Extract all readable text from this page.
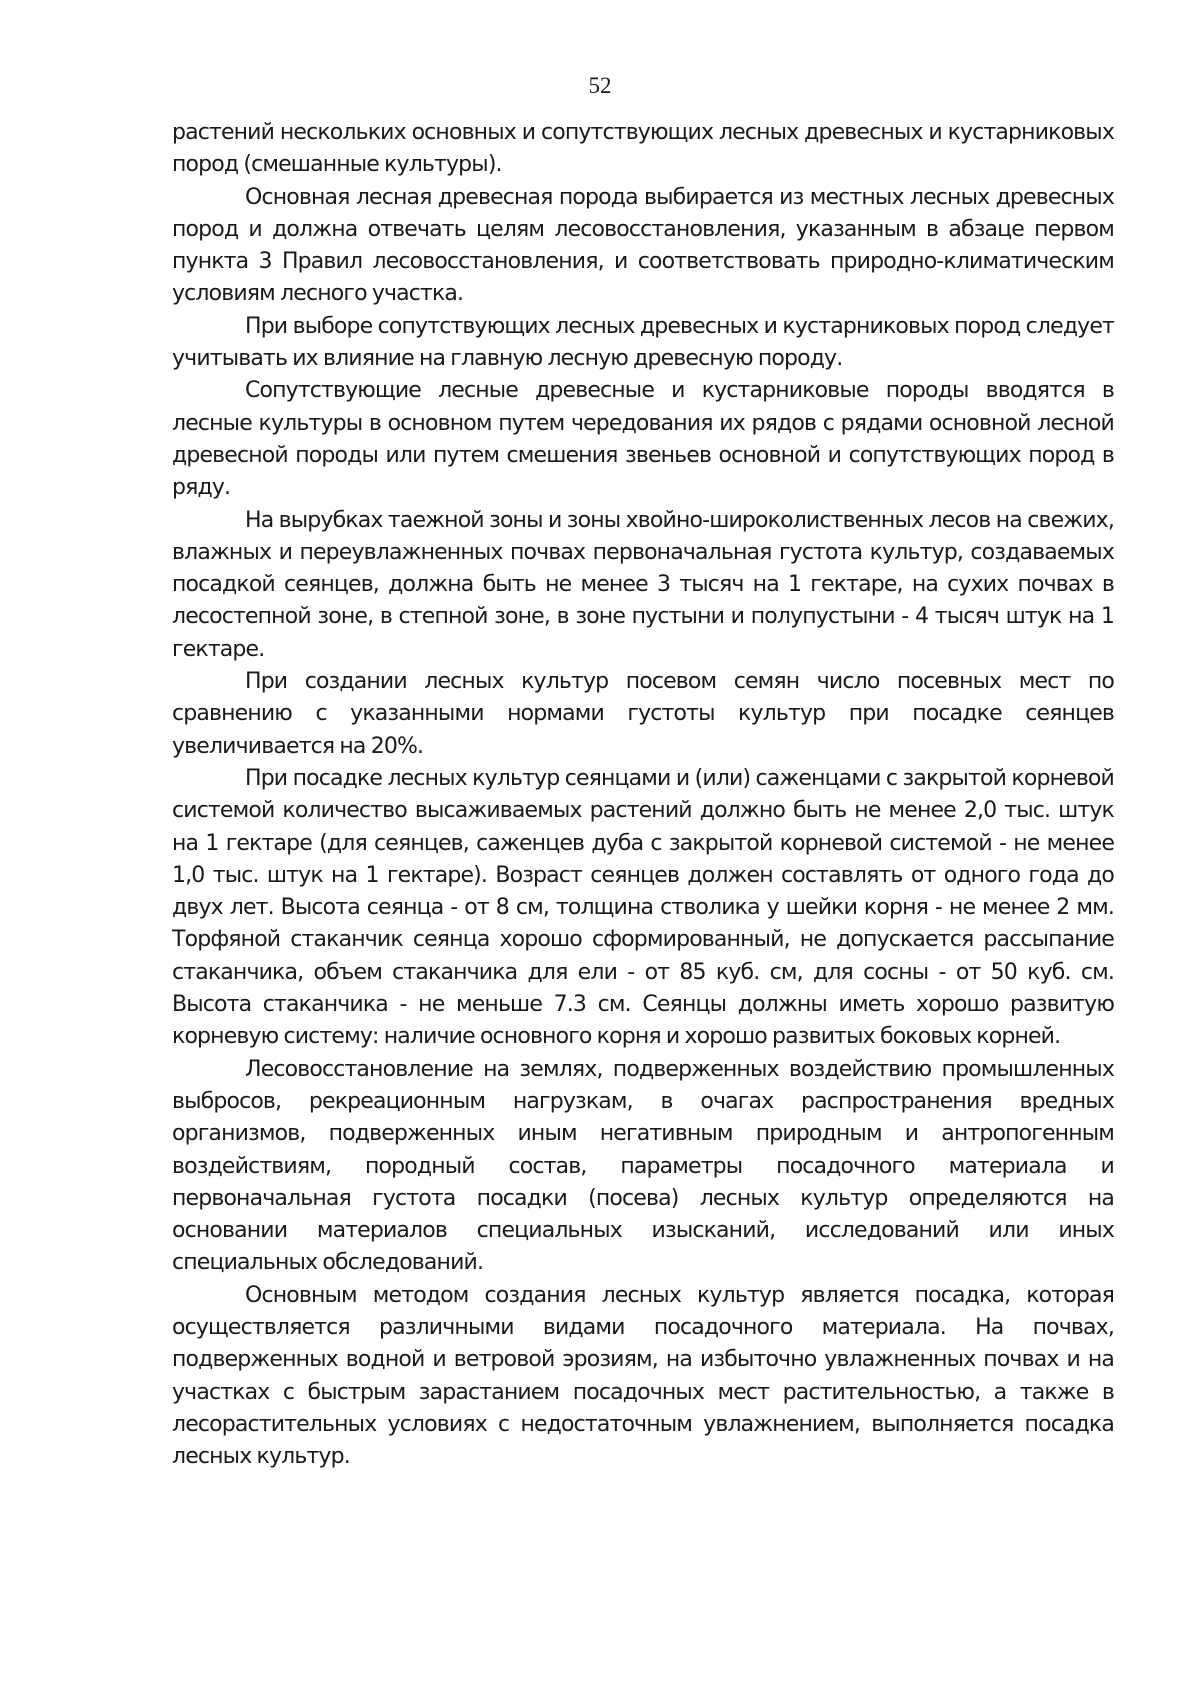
52

растений нескольких основных и сопутствующих лесных древесных и кустарниковых пород (смешанные культуры).

Основная лесная древесная порода выбирается из местных лесных древесных пород и должна отвечать целям лесовосстановления, указанным в абзаце первом пункта 3 Правил лесовосстановления, и соответствовать природно-климатическим условиям лесного участка.

При выборе сопутствующих лесных древесных и кустарниковых пород следует учитывать их влияние на главную лесную древесную породу.

Сопутствующие лесные древесные и кустарниковые породы вводятся в лесные культуры в основном путем чередования их рядов с рядами основной лесной древесной породы или путем смешения звеньев основной и сопутствующих пород в ряду.

На вырубках таежной зоны и зоны хвойно-широколиственных лесов на свежих, влажных и переувлажненных почвах первоначальная густота культур, создаваемых посадкой сеянцев, должна быть не менее 3 тысяч на 1 гектаре, на сухих почвах в лесостепной зоне, в степной зоне, в зоне пустыни и полупустыни - 4 тысяч штук на 1 гектаре.

При создании лесных культур посевом семян число посевных мест по сравнению с указанными нормами густоты культур при посадке сеянцев увеличивается на 20%.

При посадке лесных культур сеянцами и (или) саженцами с закрытой корневой системой количество высаживаемых растений должно быть не менее 2,0 тыс. штук на 1 гектаре (для сеянцев, саженцев дуба с закрытой корневой системой - не менее 1,0 тыс. штук на 1 гектаре). Возраст сеянцев должен составлять от одного года до двух лет. Высота сеянца - от 8 см, толщина стволика у шейки корня - не менее 2 мм. Торфяной стаканчик сеянца хорошо сформированный, не допускается рассыпание стаканчика, объем стаканчика для ели - от 85 куб. см, для сосны - от 50 куб. см. Высота стаканчика - не меньше 7.3 см. Сеянцы должны иметь хорошо развитую корневую систему: наличие основного корня и хорошо развитых боковых корней.

Лесовосстановление на землях, подверженных воздействию промышленных выбросов, рекреационным нагрузкам, в очагах распространения вредных организмов, подверженных иным негативным природным и антропогенным воздействиям, породный состав, параметры посадочного материала и первоначальная густота посадки (посева) лесных культур определяются на основании материалов специальных изысканий, исследований или иных специальных обследований.

Основным методом создания лесных культур является посадка, которая осуществляется различными видами посадочного материала. На почвах, подверженных водной и ветровой эрозиям, на избыточно увлажненных почвах и на участках с быстрым зарастанием посадочных мест растительностью, а также в лесорастительных условиях с недостаточным увлажнением, выполняется посадка лесных культур.
